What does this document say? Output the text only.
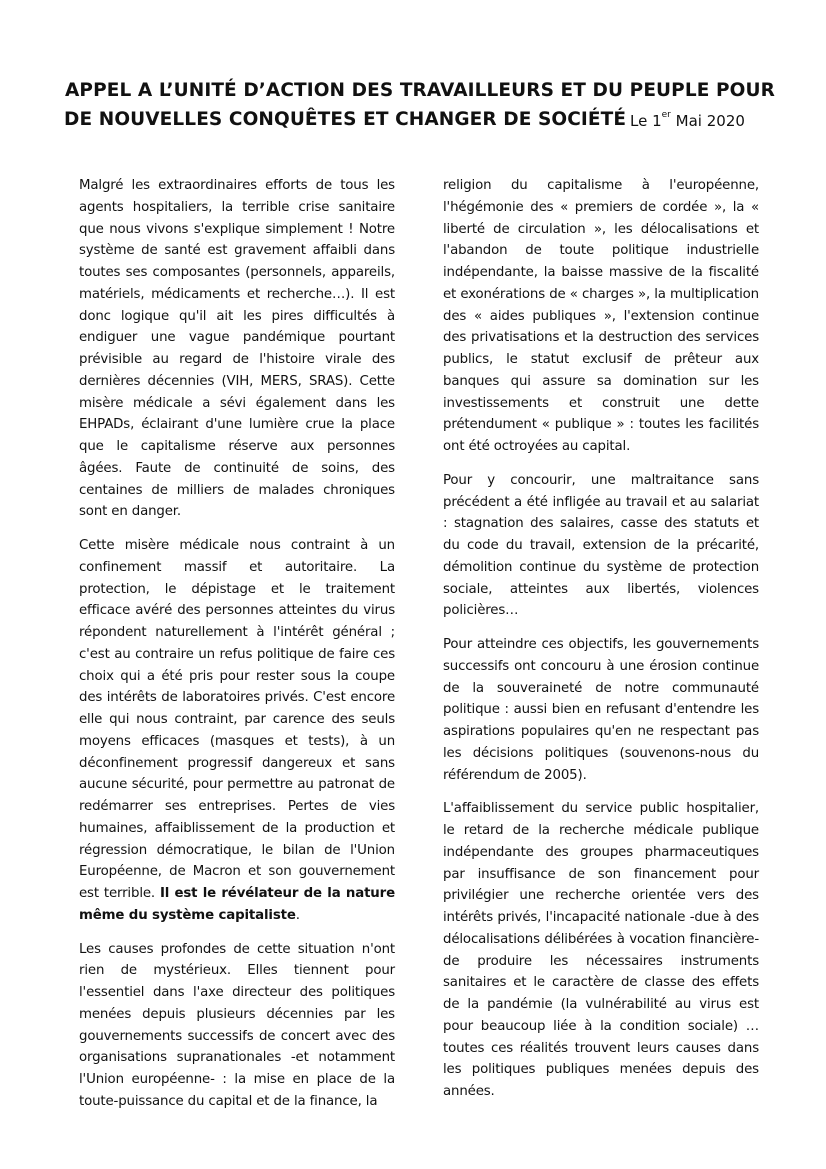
APPEL A L’UNITÉ D’ACTION DES TRAVAILLEURS ET DU PEUPLE POUR
DE NOUVELLES CONQUÊTES ET CHANGER DE SOCIÉTÉ Le 1er Mai 2020

Malgré les extraordinaires efforts de tous les agents hospitaliers, la terrible crise sanitaire que nous vivons s'explique simplement ! Notre système de santé est gravement affaibli dans toutes ses composantes (personnels, appareils, matériels, médicaments et recherche…). Il est donc logique qu'il ait les pires difficultés à endiguer une vague pandémique pourtant prévisible au regard de l'histoire virale des dernières décennies (VIH, MERS, SRAS). Cette misère médicale a sévi également dans les EHPADs, éclairant d'une lumière crue la place que le capitalisme réserve aux personnes âgées. Faute de continuité de soins, des centaines de milliers de malades chroniques sont en danger.

Cette misère médicale nous contraint à un confinement massif et autoritaire. La protection, le dépistage et le traitement efficace avéré des personnes atteintes du virus répondent naturellement à l'intérêt général ; c'est au contraire un refus politique de faire ces choix qui a été pris pour rester sous la coupe des intérêts de laboratoires privés. C'est encore elle qui nous contraint, par carence des seuls moyens efficaces (masques et tests), à un déconfinement progressif dangereux et sans aucune sécurité, pour permettre au patronat de redémarrer ses entreprises. Pertes de vies humaines, affaiblissement de la production et régression démocratique, le bilan de l'Union Européenne, de Macron et son gouvernement est terrible. Il est le révélateur de la nature même du système capitaliste.

Les causes profondes de cette situation n'ont rien de mystérieux. Elles tiennent pour l'essentiel dans l'axe directeur des politiques menées depuis plusieurs décennies par les gouvernements successifs de concert avec des organisations supranationales -et notamment l'Union européenne- : la mise en place de la toute-puissance du capital et de la finance, la

religion du capitalisme à l'européenne, l'hégémonie des « premiers de cordée », la « liberté de circulation », les délocalisations et l'abandon de toute politique industrielle indépendante, la baisse massive de la fiscalité et exonérations de « charges », la multiplication des « aides publiques », l'extension continue des privatisations et la destruction des services publics, le statut exclusif de prêteur aux banques qui assure sa domination sur les investissements et construit une dette prétendument « publique » : toutes les facilités ont été octroyées au capital.

Pour y concourir, une maltraitance sans précédent a été infligée au travail et au salariat : stagnation des salaires, casse des statuts et du code du travail, extension de la précarité, démolition continue du système de protection sociale, atteintes aux libertés, violences policières…

Pour atteindre ces objectifs, les gouvernements successifs ont concouru à une érosion continue de la souveraineté de notre communauté politique : aussi bien en refusant d'entendre les aspirations populaires qu'en ne respectant pas les décisions politiques (souvenons-nous du référendum de 2005).

L'affaiblissement du service public hospitalier, le retard de la recherche médicale publique indépendante des groupes pharmaceutiques par insuffisance de son financement pour privilégier une recherche orientée vers des intérêts privés, l'incapacité nationale -due à des délocalisations délibérées à vocation financière- de produire les nécessaires instruments sanitaires et le caractère de classe des effets de la pandémie (la vulnérabilité au virus est pour beaucoup liée à la condition sociale) … toutes ces réalités trouvent leurs causes dans les politiques publiques menées depuis des années.
